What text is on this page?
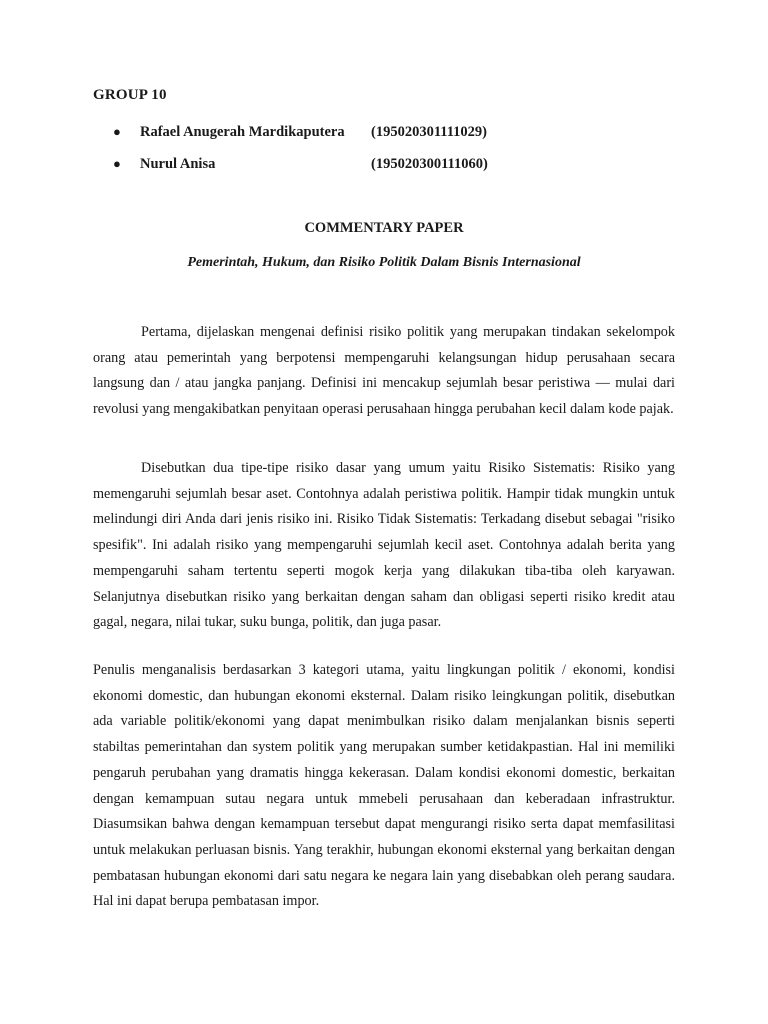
GROUP 10
● Rafael Anugerah Mardikaputera (195020301111029)
● Nurul Anisa	(195020300111060)
COMMENTARY PAPER
Pemerintah, Hukum, dan Risiko Politik Dalam Bisnis Internasional

Pertama, dijelaskan mengenai definisi risiko politik yang merupakan tindakan sekelompok orang atau pemerintah yang berpotensi mempengaruhi kelangsungan hidup perusahaan secara langsung dan / atau jangka panjang. Definisi ini mencakup sejumlah besar peristiwa — mulai dari revolusi yang mengakibatkan penyitaan operasi perusahaan hingga perubahan kecil dalam kode pajak.

Disebutkan dua tipe-tipe risiko dasar yang umum yaitu Risiko Sistematis: Risiko yang memengaruhi sejumlah besar aset. Contohnya adalah peristiwa politik. Hampir tidak mungkin untuk melindungi diri Anda dari jenis risiko ini. Risiko Tidak Sistematis: Terkadang disebut sebagai "risiko spesifik". Ini adalah risiko yang mempengaruhi sejumlah kecil aset. Contohnya adalah berita yang mempengaruhi saham tertentu seperti mogok kerja yang dilakukan tiba-tiba oleh karyawan. Selanjutnya disebutkan risiko yang berkaitan dengan saham dan obligasi seperti risiko kredit atau gagal, negara, nilai tukar, suku bunga, politik, dan juga pasar.

Penulis menganalisis berdasarkan 3 kategori utama, yaitu lingkungan politik / ekonomi, kondisi ekonomi domestic, dan hubungan ekonomi eksternal. Dalam risiko leingkungan politik, disebutkan ada variable politik/ekonomi yang dapat menimbulkan risiko dalam menjalankan bisnis seperti stabiltas pemerintahan dan system politik yang merupakan sumber ketidakpastian. Hal ini memiliki pengaruh perubahan yang dramatis hingga kekerasan. Dalam kondisi ekonomi domestic, berkaitan dengan kemampuan sutau negara untuk mmebeli perusahaan dan keberadaan infrastruktur. Diasumsikan bahwa dengan kemampuan tersebut dapat mengurangi risiko serta dapat memfasilitasi untuk melakukan perluasan bisnis. Yang terakhir, hubungan ekonomi eksternal yang berkaitan dengan pembatasan hubungan ekonomi dari satu negara ke negara lain yang disebabkan oleh perang saudara. Hal ini dapat berupa pembatasan impor.
